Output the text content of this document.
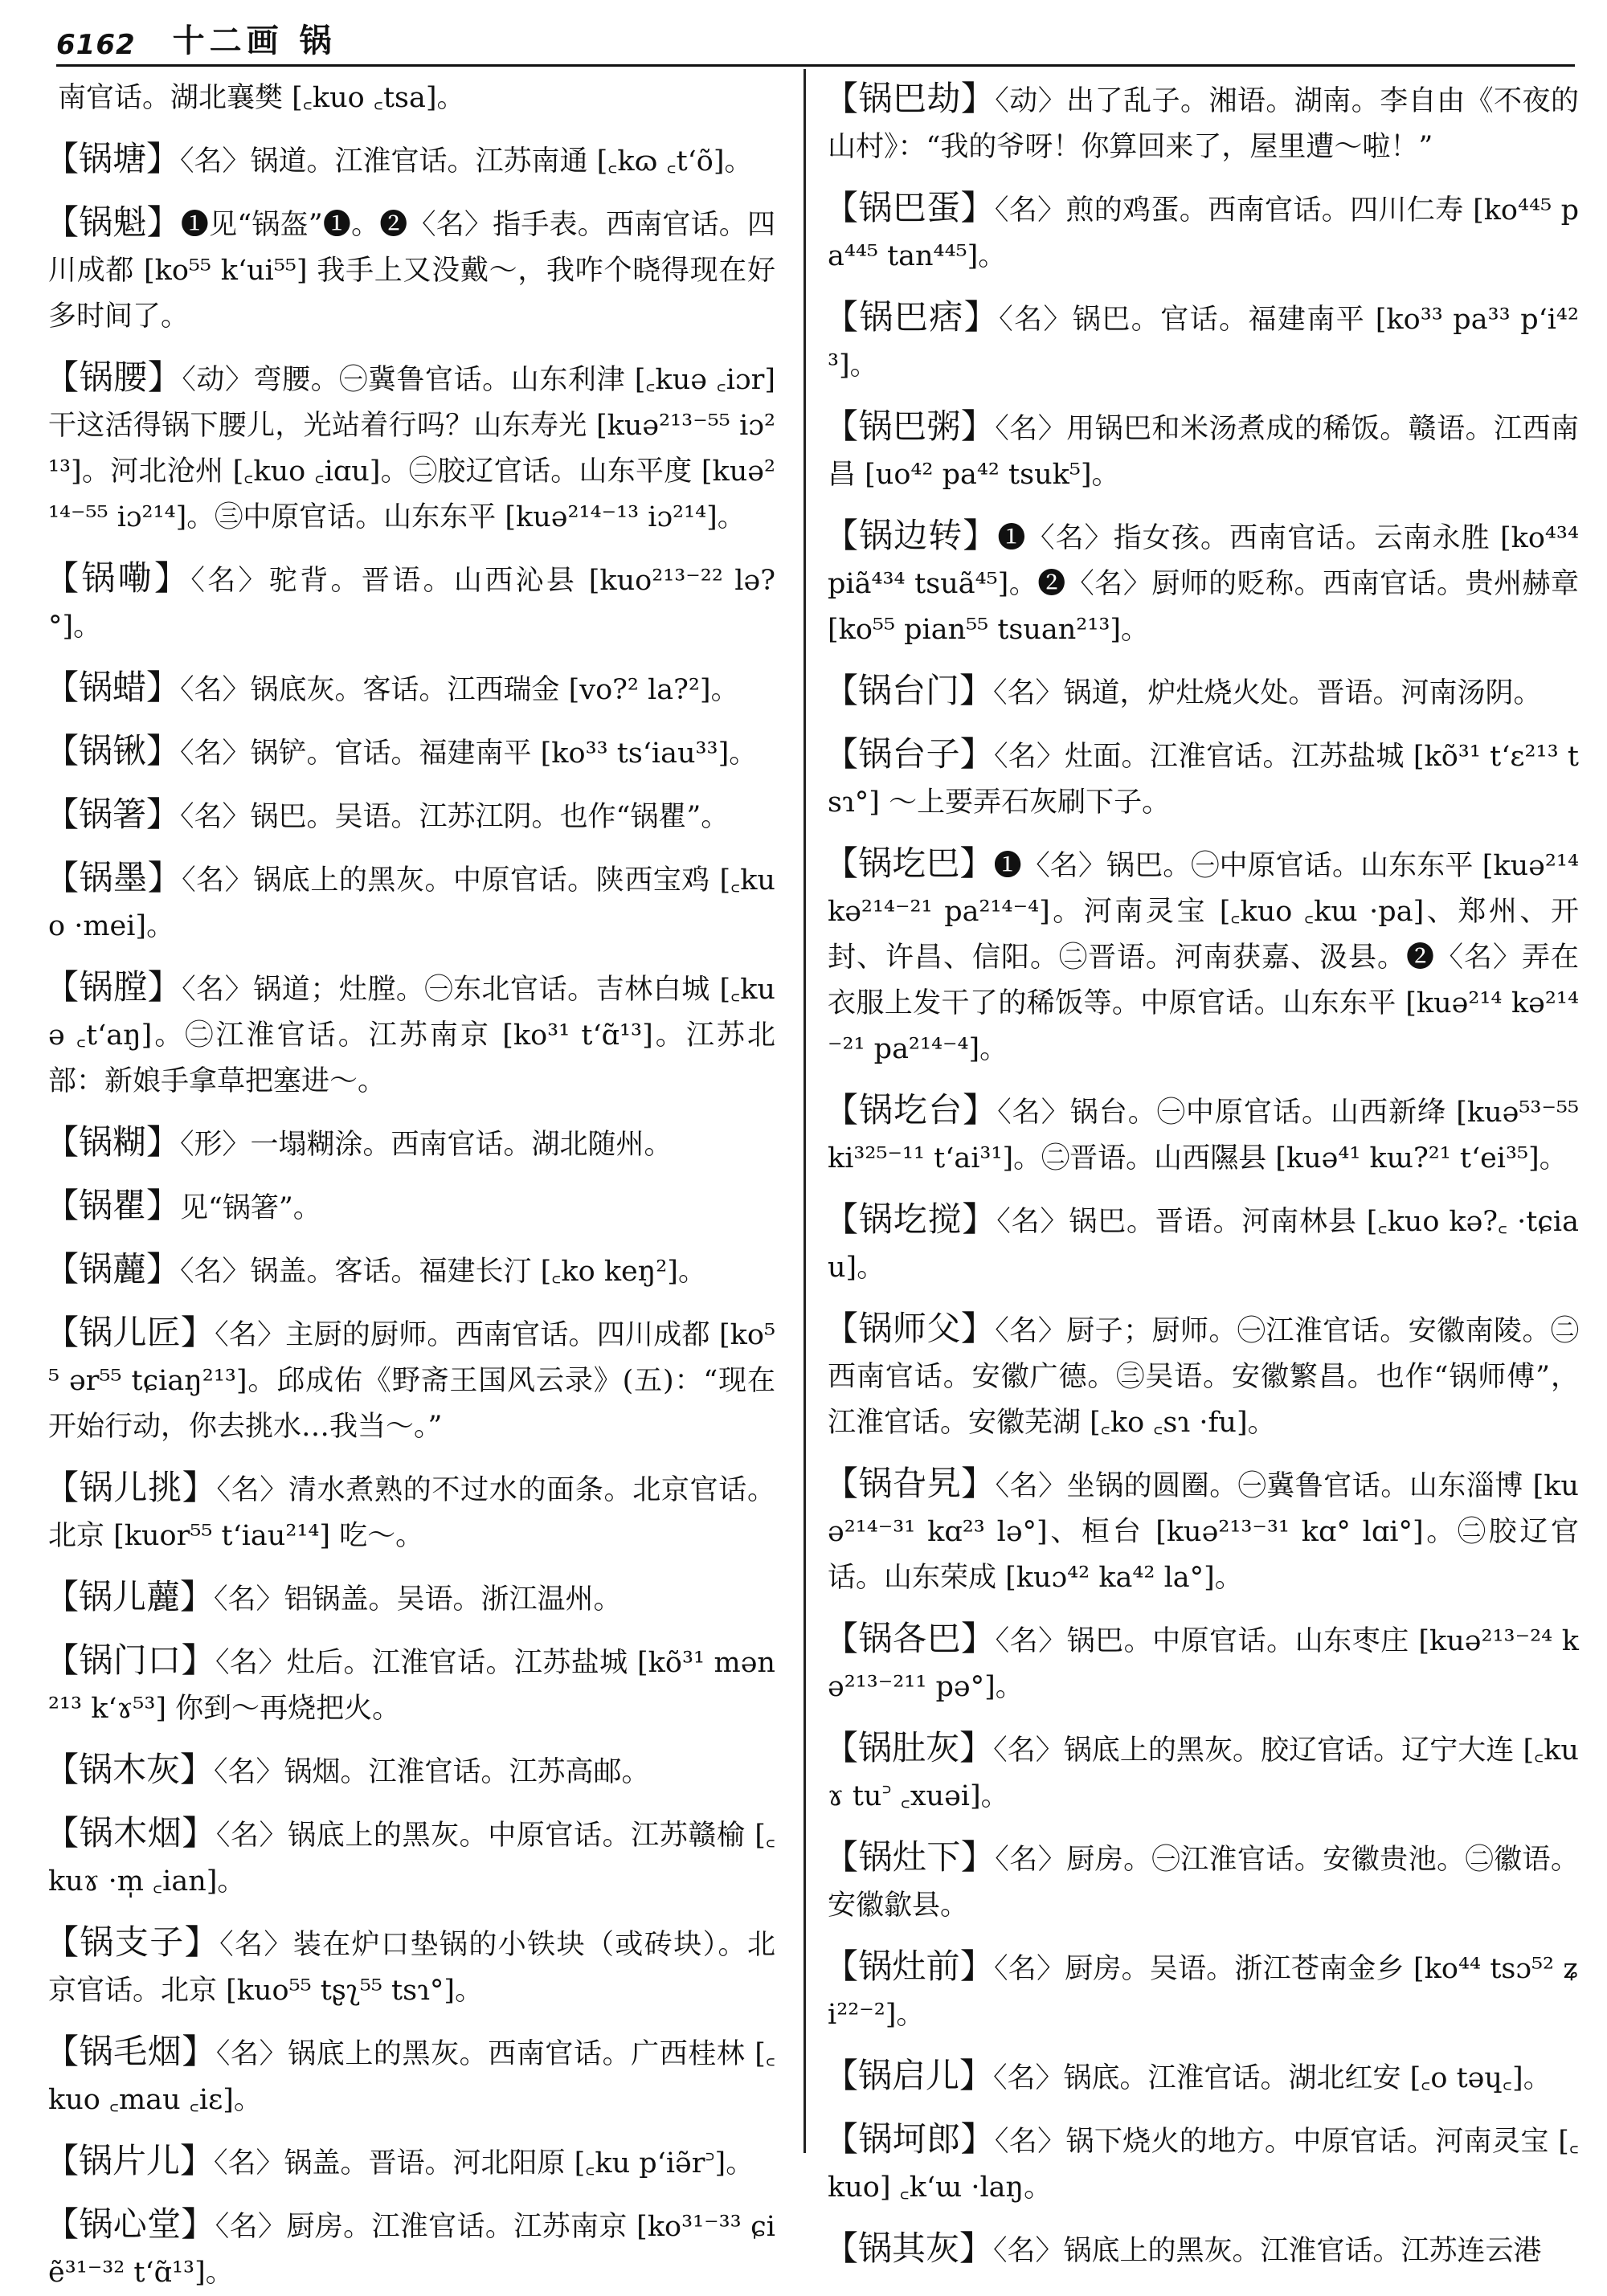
6162 十二画 锅
南官话。湖北襄樊 [꜀kuo ꜀tsa]。
【锅塘】〈名〉锅道。江淮官话。江苏南通 [꜀kɷ ꜀t‘õ]。
【锅魁】❶见“锅盔”❶。❷〈名〉指手表。西南官话。四川成都 [ko⁵⁵ k‘ui⁵⁵] 我手上又没戴～，我咋个晓得现在好多时间了。
【锅腰】〈动〉弯腰。㊀冀鲁官话。山东利津 [꜀kuə ꜀iɔr] 干这活得锅下腰儿，光站着行吗？山东寿光 [kuə²¹³⁻⁵⁵ iɔ²¹³]。河北沧州 [꜀kuo ꜀iɑu]。㊁胶辽官话。山东平度 [kuə²¹⁴⁻⁵⁵ iɔ²¹⁴]。㊂中原官话。山东东平 [kuə²¹⁴⁻¹³ iɔ²¹⁴]。
【锅嘞】〈名〉驼背。晋语。山西沁县 [kuo²¹³⁻²² lə?°]。
【锅蜡】〈名〉锅底灰。客话。江西瑞金 [vo?² la?²]。
【锅锹】〈名〉锅铲。官话。福建南平 [ko³³ ts‘iau³³]。
【锅箸】〈名〉锅巴。吴语。江苏江阴。也作“锅瞿”。
【锅墨】〈名〉锅底上的黑灰。中原官话。陕西宝鸡 [꜀kuo ·mei]。
【锅膛】〈名〉锅道；灶膛。㊀东北官话。吉林白城 [꜀kuə ꜀t‘aŋ]。㊁江淮官话。江苏南京 [ko³¹ t‘ɑ̃¹³]。江苏北部：新娘手拿草把塞进～。
【锅糊】〈形〉一塌糊涂。西南官话。湖北随州。
【锅瞿】见“锅箸”。
【锅䕻】〈名〉锅盖。客话。福建长汀 [꜀ko keŋ²]。
【锅儿匠】〈名〉主厨的厨师。西南官话。四川成都 [ko⁵⁵ ər⁵⁵ tɕiaŋ²¹³]。邱成佑《野斋王国风云录》(五)：“现在开始行动，你去挑水…我当～。”
【锅儿挑】〈名〉清水煮熟的不过水的面条。北京官话。北京 [kuor⁵⁵ t‘iau²¹⁴] 吃～。
【锅儿䕻】〈名〉铝锅盖。吴语。浙江温州。
【锅门口】〈名〉灶后。江淮官话。江苏盐城 [kõ³¹ mən²¹³ k‘ɤ⁵³] 你到～再烧把火。
【锅木灰】〈名〉锅烟。江淮官话。江苏高邮。
【锅木烟】〈名〉锅底上的黑灰。中原官话。江苏赣榆 [꜀kuɤ ·m̩ ꜀ian]。
【锅支子】〈名〉装在炉口垫锅的小铁块（或砖块）。北京官话。北京 [kuo⁵⁵ tʂʅ⁵⁵ tsɿ°]。
【锅毛烟】〈名〉锅底上的黑灰。西南官话。广西桂林 [꜀kuo ꜀mau ꜀iɛ]。
【锅片儿】〈名〉锅盖。晋语。河北阳原 [꜀ku p‘iə̃r꜄]。
【锅心堂】〈名〉厨房。江淮官话。江苏南京 [ko³¹⁻³³ ɕiẽ³¹⁻³² t‘ɑ̃¹³]。
【锅巴劫】〈动〉出了乱子。湘语。湖南。李自由《不夜的山村》：“我的爷呀！你算回来了，屋里遭～啦！”
【锅巴蛋】〈名〉煎的鸡蛋。西南官话。四川仁寿 [ko⁴⁴⁵ pa⁴⁴⁵ tan⁴⁴⁵]。
【锅巴痞】〈名〉锅巴。官话。福建南平 [ko³³ pa³³ p‘i⁴²³]。
【锅巴粥】〈名〉用锅巴和米汤煮成的稀饭。赣语。江西南昌 [uo⁴² pa⁴² tsuk⁵]。
【锅边转】❶〈名〉指女孩。西南官话。云南永胜 [ko⁴³⁴ piã⁴³⁴ tsuã⁴⁵]。❷〈名〉厨师的贬称。西南官话。贵州赫章 [ko⁵⁵ pian⁵⁵ tsuan²¹³]。
【锅台门】〈名〉锅道，炉灶烧火处。晋语。河南汤阴。
【锅台子】〈名〉灶面。江淮官话。江苏盐城 [kõ³¹ t‘ɛ²¹³ tsɿ°] ～上要弄石灰刷下子。
【锅圪巴】❶〈名〉锅巴。㊀中原官话。山东东平 [kuə²¹⁴ kə²¹⁴⁻²¹ pa²¹⁴⁻⁴]。河南灵宝 [꜀kuo ꜀kɯ ·pa]、郑州、开封、许昌、信阳。㊁晋语。河南获嘉、汲县。❷〈名〉弄在衣服上发干了的稀饭等。中原官话。山东东平 [kuə²¹⁴ kə²¹⁴⁻²¹ pa²¹⁴⁻⁴]。
【锅圪台】〈名〉锅台。㊀中原官话。山西新绛 [kuə⁵³⁻⁵⁵ ki³²⁵⁻¹¹ t‘ai³¹]。㊁晋语。山西隰县 [kuə⁴¹ kɯ?²¹ t‘ei³⁵]。
【锅圪搅】〈名〉锅巴。晋语。河南林县 [꜀kuo kə?꜀ ·tɕiau]。
【锅师父】〈名〉厨子；厨师。㊀江淮官话。安徽南陵。㊁西南官话。安徽广德。㊂吴语。安徽繁昌。也作“锅师傅”，江淮官话。安徽芜湖 [꜀ko ꜀sɿ ·fu]。
【锅旮旯】〈名〉坐锅的圆圈。㊀冀鲁官话。山东淄博 [kuə²¹⁴⁻³¹ kɑ²³ lə°]、桓台 [kuə²¹³⁻³¹ kɑ° lɑi°]。㊁胶辽官话。山东荣成 [kuɔ⁴² ka⁴² la°]。
【锅各巴】〈名〉锅巴。中原官话。山东枣庄 [kuə²¹³⁻²⁴ kə²¹³⁻²¹¹ pə°]。
【锅肚灰】〈名〉锅底上的黑灰。胶辽官话。辽宁大连 [꜀kuɤ tu꜄ ꜀xuəi]。
【锅灶下】〈名〉厨房。㊀江淮官话。安徽贵池。㊁徽语。安徽歙县。
【锅灶前】〈名〉厨房。吴语。浙江苍南金乡 [ko⁴⁴ tsɔ⁵² ʑi²²⁻²]。
【锅启儿】〈名〉锅底。江淮官话。湖北红安 [꜀o təɥ꜀]。
【锅坷郎】〈名〉锅下烧火的地方。中原官话。河南灵宝 [꜀kuo] ꜀k‘ɯ ·laŋ。
【锅其灰】〈名〉锅底上的黑灰。江淮官话。江苏连云港
